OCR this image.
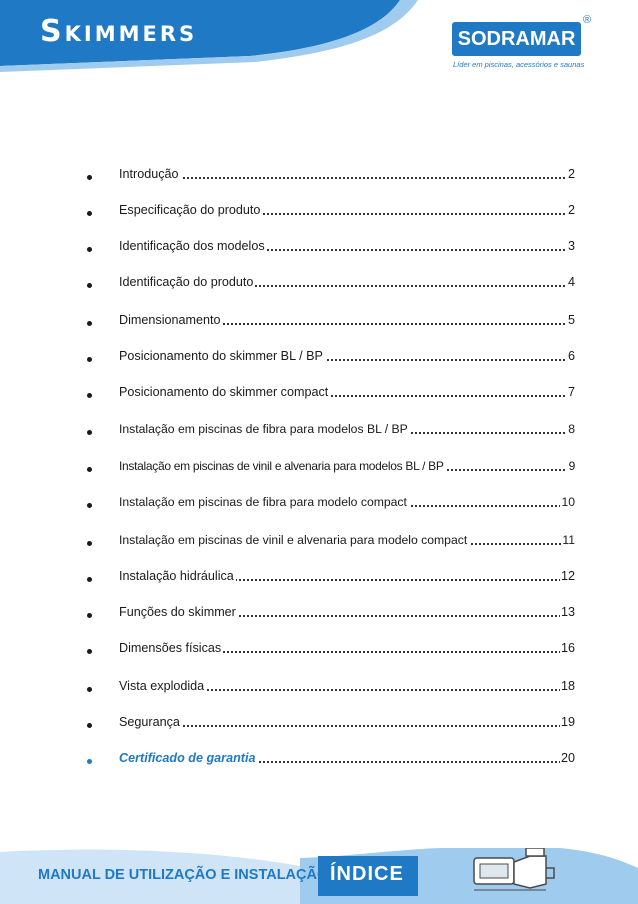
Skimmers	SODRAMAR
®
Líder em piscinas, acessórios e saunas
Introdução	2
Especificação do produto	2
Identificação dos modelos	3
Identificação do produto	4
Dimensionamento	5
Posicionamento do skimmer BL / BP	6
Posicionamento do skimmer compact	7
Instalação em piscinas de fibra para modelos BL / BP	8
Instalação em piscinas de vinil e alvenaria para modelos BL / BP	9
Instalação em piscinas de fibra para modelo compact	10
Instalação em piscinas de vinil e alvenaria para modelo compact	11
Instalação hidráulica	12
Funções do skimmer	13
Dimensões físicas	16
Vista explodida	18
Segurança	19
Certificado de garantia	20
MANUAL DE UTILIZAÇÃO E INSTALAÇÃO ÍNDICE
